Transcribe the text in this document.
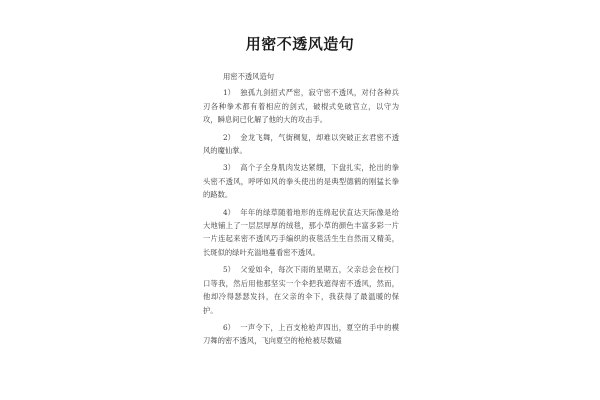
用密不透风造句
用密不透风造句

1） 独孤九剑招式严密，寂守密不透风，对付各种兵刃各种拳术都有着相应的剑式，破棍式免破官立，以守为攻，瞬息间已化解了他的大的攻击手。

2） 金龙飞舞，气街稠复，却难以突破正玄君密不透风的魔仙掌。

3） 高个子全身肌肉发达紧绷，下盘扎实，抡出的拳头密不透风，呼呼如风的拳头使出的是典型德鹤的刚猛长拳的路数。

4） 年年的绿草随着地形的连绵起伏直达天际像是给大地铺上了一层层厚厚的绒毯，那小草的颜色丰富多彩一片一片连起来密不透风巧手编织的夜毯活生生自然而又精美，长斑似的绿叶充溢地蔓看密不透风。

5） 父爱如伞，每次下雨的星期五，父亲总会在校门口等我，然后用他那坚实一个伞把我遮得密不透风，然而，他却冷得瑟瑟发抖，在父亲的伞下，我获得了最温暖的保护。

6） 一声令下，上百支枪枪声四出，夏空的手中的模刀舞的密不透风，飞向夏空的枪枪被尽数磕
